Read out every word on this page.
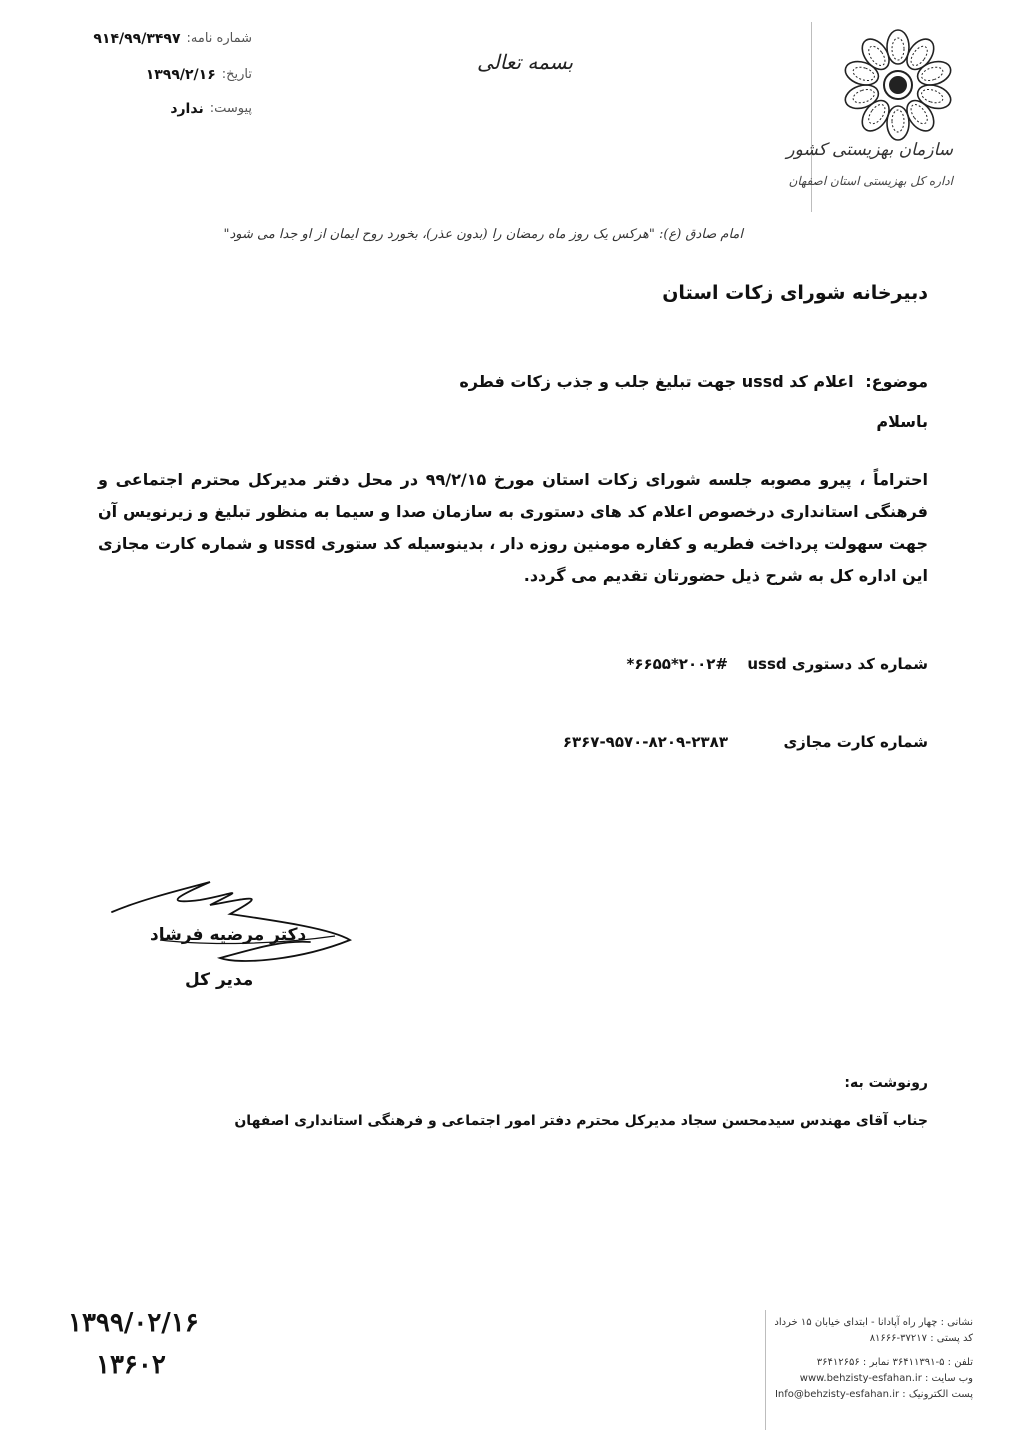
شماره نامه:
۹۱۴/۹۹/۳۴۹۷
تاریخ:
۱۳۹۹/۲/۱۶
پیوست:
ندارد
بسمه تعالی
سازمان بهزیستی کشور
اداره کل بهزیستی استان اصفهان
امام صادق (ع): "هرکس یک روز ماه رمضان را (بدون عذر)، بخورد روح ایمان از او جدا می شود"
دبیرخانه شورای زکات استان
موضوع: اعلام کد ussd جهت تبلیغ جلب و جذب زکات فطره
باسلام
احتراماً ، پیرو مصوبه جلسه شورای زکات استان مورخ ۹۹/۲/۱۵ در محل دفتر مدیرکل محترم اجتماعی و فرهنگی استانداری درخصوص اعلام کد های دستوری به سازمان صدا و سیما به منظور تبلیغ و زیرنویس آن جهت سهولت پرداخت فطریه و کفاره مومنین روزه دار ، بدینوسیله کد ستوری ussd و شماره کارت مجازی این اداره کل به شرح ذیل حضورتان تقدیم می گردد.
شماره کد دستوری ussd
*۶۶۵۵*۲۰۰۲#
شماره کارت مجازی
۶۳۶۷-۹۵۷۰-۸۲۰۹-۲۳۸۳
دکتر مرضیه فرشاد
مدیر کل
رونوشت به:
جناب آقای مهندس سیدمحسن سجاد مدیرکل محترم دفتر امور اجتماعی و فرهنگی استانداری اصفهان
۱۳۹۹/۰۲/۱۶
۱۳۶۰۲
نشانی : چهار راه آپادانا - ابتدای خیابان ۱۵ خرداد
کد پستی : ۳۷۲۱۷-۸۱۶۶۶
تلفن : ۵-۳۶۴۱۱۳۹۱ نمابر : ۳۶۴۱۲۶۵۶
وب سایت : www.behzisty-esfahan.ir
پست الکترونیک : Info@behzisty-esfahan.ir
